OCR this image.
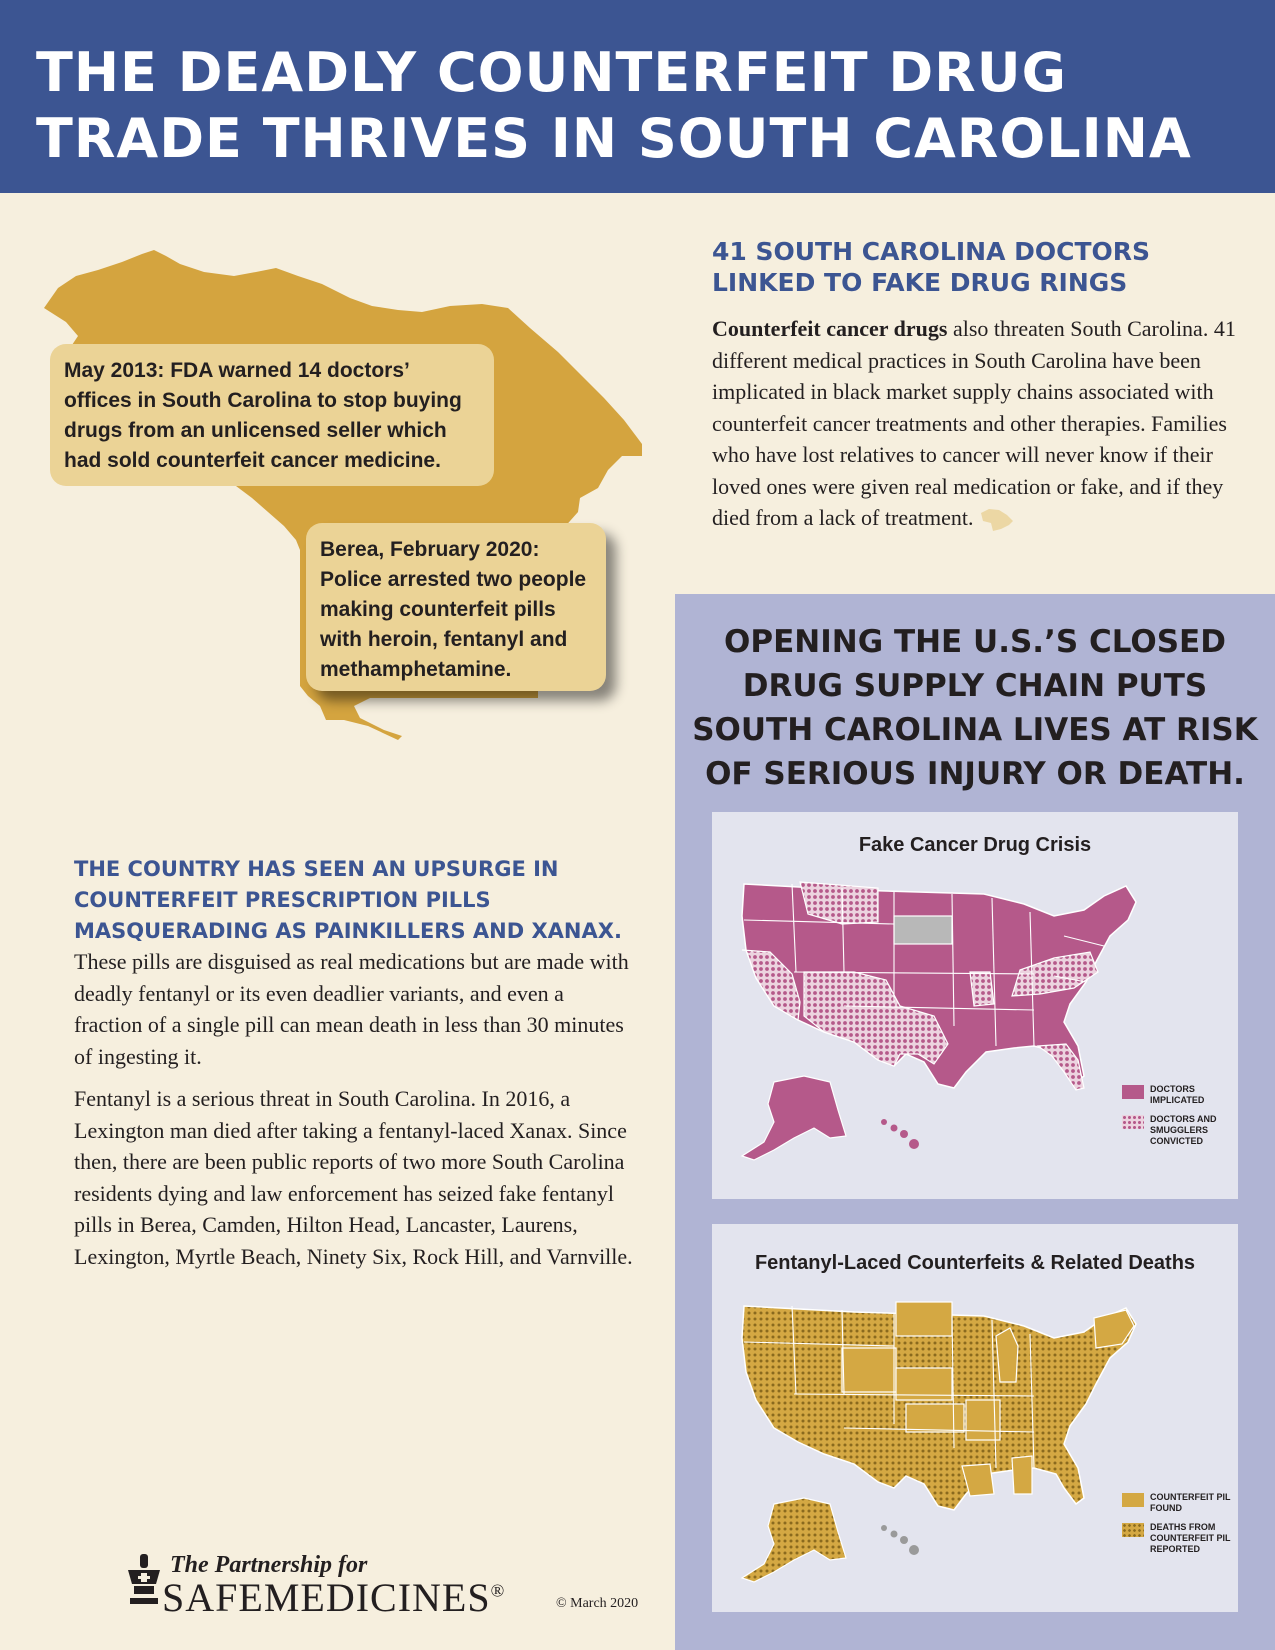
THE DEADLY COUNTERFEIT DRUG TRADE THRIVES IN SOUTH CAROLINA
May 2013: FDA warned 14 doctors’ offices in South Carolina to stop buying drugs from an unlicensed seller which had sold counterfeit cancer medicine.
Berea, February 2020: Police arrested two people making counterfeit pills with heroin, fentanyl and methamphetamine.
41 SOUTH CAROLINA DOCTORS LINKED TO FAKE DRUG RINGS
Counterfeit cancer drugs also threaten South Carolina. 41 different medical practices in South Carolina have been implicated in black market supply chains associated with counterfeit cancer treatments and other therapies. Families who have lost relatives to cancer will never know if their loved ones were given real medication or fake, and if they died from a lack of treatment.
THE COUNTRY HAS SEEN AN UPSURGE IN COUNTERFEIT PRESCRIPTION PILLS MASQUERADING AS PAINKILLERS AND XANAX.
These pills are disguised as real medications but are made with deadly fentanyl or its even deadlier variants, and even a fraction of a single pill can mean death in less than 30 minutes of ingesting it.
Fentanyl is a serious threat in South Carolina. In 2016, a Lexington man died after taking a fentanyl-laced Xanax. Since then, there are been public reports of two more South Carolina residents dying and law enforcement has seized fake fentanyl pills in Berea, Camden, Hilton Head, Lancaster, Laurens, Lexington, Myrtle Beach, Ninety Six, Rock Hill, and Varnville.
OPENING THE U.S.’S CLOSED DRUG SUPPLY CHAIN PUTS SOUTH CAROLINA LIVES AT RISK OF SERIOUS INJURY OR DEATH.
Fake Cancer Drug Crisis
DOCTORS IMPLICATED
DOCTORS AND SMUGGLERS CONVICTED
Fentanyl-Laced Counterfeits & Related Deaths
COUNTERFEIT PIL FOUND
DEATHS FROM COUNTERFEIT PIL REPORTED
The Partnership for
SAFEMEDICINES®
© March 2020
